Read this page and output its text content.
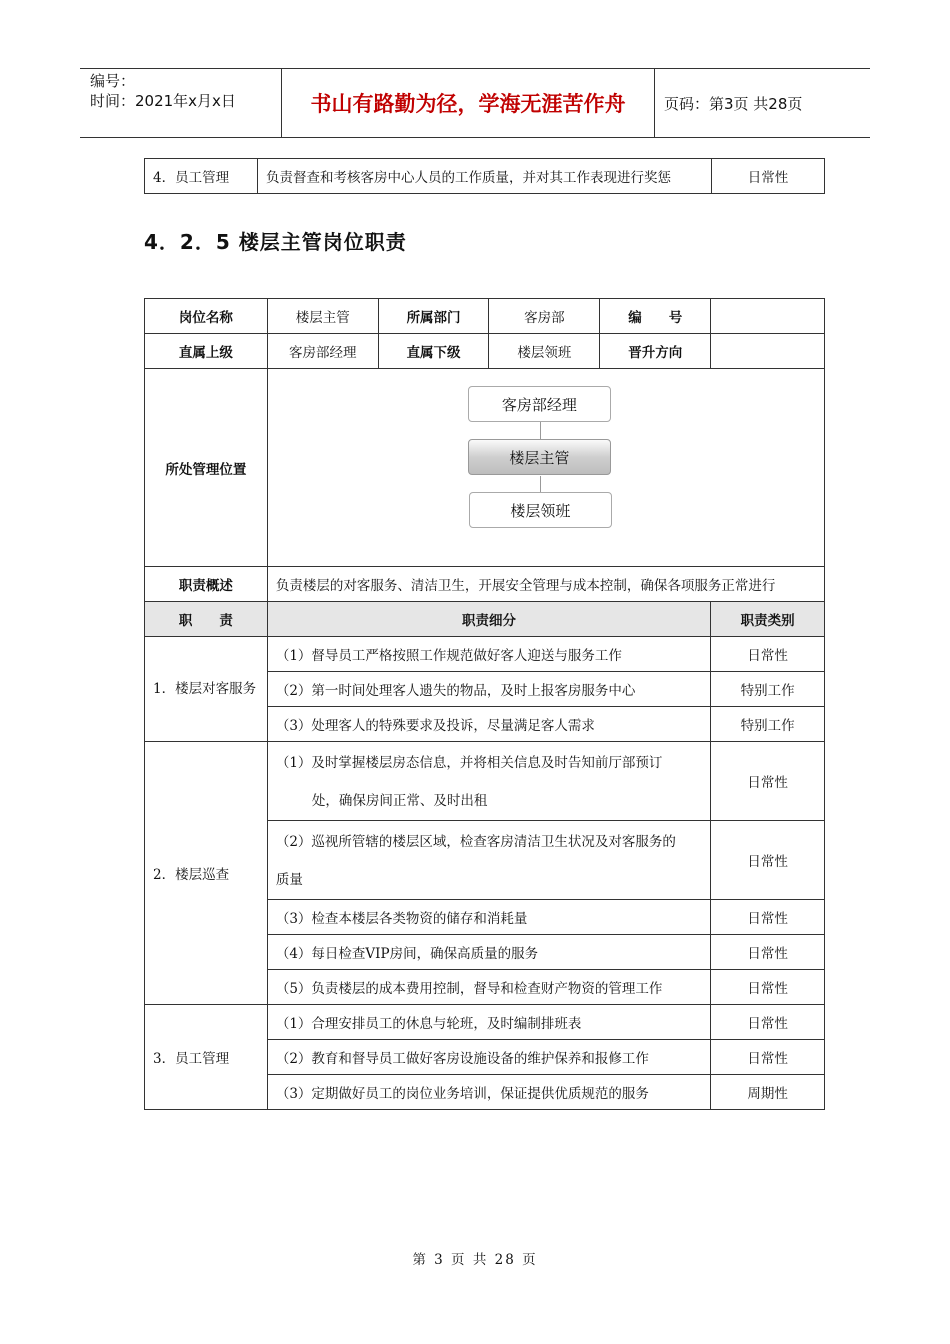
编号：
时间：2021年x月x日	书山有路勤为径，学海无涯苦作舟	页码：第3页 共28页
4．员工管理	负责督查和考核客房中心人员的工作质量，并对其工作表现进行奖惩	日常性
4．2．5 楼层主管岗位职责
岗位名称	楼层主管	所属部门	客房部	编　　号	
直属上级	客房部经理	直属下级	楼层领班	晋升方向	
所处管理位置	客房部经理
楼层主管
楼层领班				

职责概述	负责楼层的对客服务、清洁卫生，开展安全管理与成本控制，确保各项服务正常进行				
职　　责	职责细分				职责类别
1．楼层对客服务	（1）督导员工严格按照工作规范做好客人迎送与服务工作				日常性
	（2）第一时间处理客人遗失的物品，及时上报客房服务中心				特别工作
	（3）处理客人的特殊要求及投诉，尽量满足客人需求				特别工作
2．楼层巡查	（1）及时掌握楼层房态信息，并将相关信息及时告知前厅部预订
处，确保房间正常、及时出租				日常性

	（2）巡视所管辖的楼层区域，检查客房清洁卫生状况及对客服务的
质量				日常性
	（3）检查本楼层各类物资的储存和消耗量				日常性
	（4）每日检查VIP房间，确保高质量的服务				日常性
	（5）负责楼层的成本费用控制，督导和检查财产物资的管理工作				日常性
3．员工管理	（1）合理安排员工的休息与轮班，及时编制排班表				日常性
	（2）教育和督导员工做好客房设施设备的维护保养和报修工作				日常性
	（3）定期做好员工的岗位业务培训，保证提供优质规范的服务				周期性
第 3 页 共 28 页
